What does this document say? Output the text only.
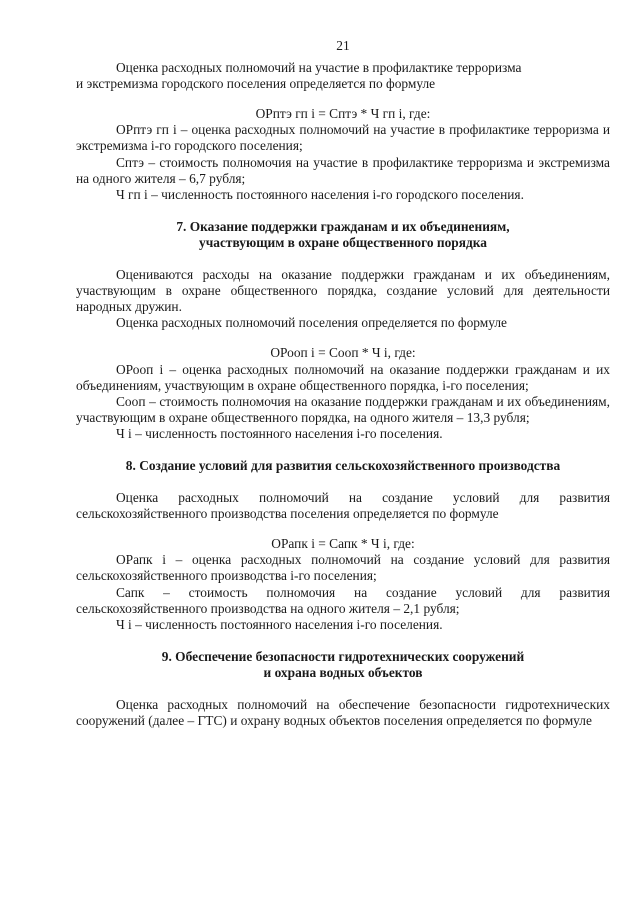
21

Оценка расходных полномочий на участие в профилактике терроризма

и экстремизма городского поселения определяется по формуле

ОРптэ гп i = Сптэ * Ч гп i, где:

ОРптэ гп i – оценка расходных полномочий на участие в профилактике терроризма и экстремизма i-го городского поселения;

Сптэ – стоимость полномочия на участие в профилактике терроризма и экстремизма на одного жителя – 6,7 рубля;

Ч гп i – численность постоянного населения i-го городского поселения.

7. Оказание поддержки гражданам и их объединениям,

участвующим в охране общественного порядка

Оцениваются расходы на оказание поддержки гражданам и их объединениям, участвующим в охране общественного порядка, создание условий для деятельности народных дружин.

Оценка расходных полномочий поселения определяется по формуле

ОРооп i = Сооп * Ч i, где:

ОРооп i – оценка расходных полномочий на оказание поддержки гражданам и их объединениям, участвующим в охране общественного порядка, i-го поселения;

Сооп – стоимость полномочия на оказание поддержки гражданам и их объединениям, участвующим в охране общественного порядка, на одного жителя – 13,3 рубля;

Ч i – численность постоянного населения i-го поселения.

8. Создание условий для развития сельскохозяйственного производства

Оценка расходных полномочий на создание условий для развития сельскохозяйственного производства поселения определяется по формуле

ОРапк i = Сапк * Ч i, где:

ОРапк i – оценка расходных полномочий на создание условий для развития сельскохозяйственного производства i-го поселения;

Сапк – стоимость полномочия на создание условий для развития сельскохозяйственного производства на одного жителя – 2,1 рубля;

Ч i – численность постоянного населения i-го поселения.

9. Обеспечение безопасности гидротехнических сооружений

и охрана водных объектов

Оценка расходных полномочий на обеспечение безопасности гидротехнических сооружений (далее – ГТС) и охрану водных объектов поселения определяется по формуле
